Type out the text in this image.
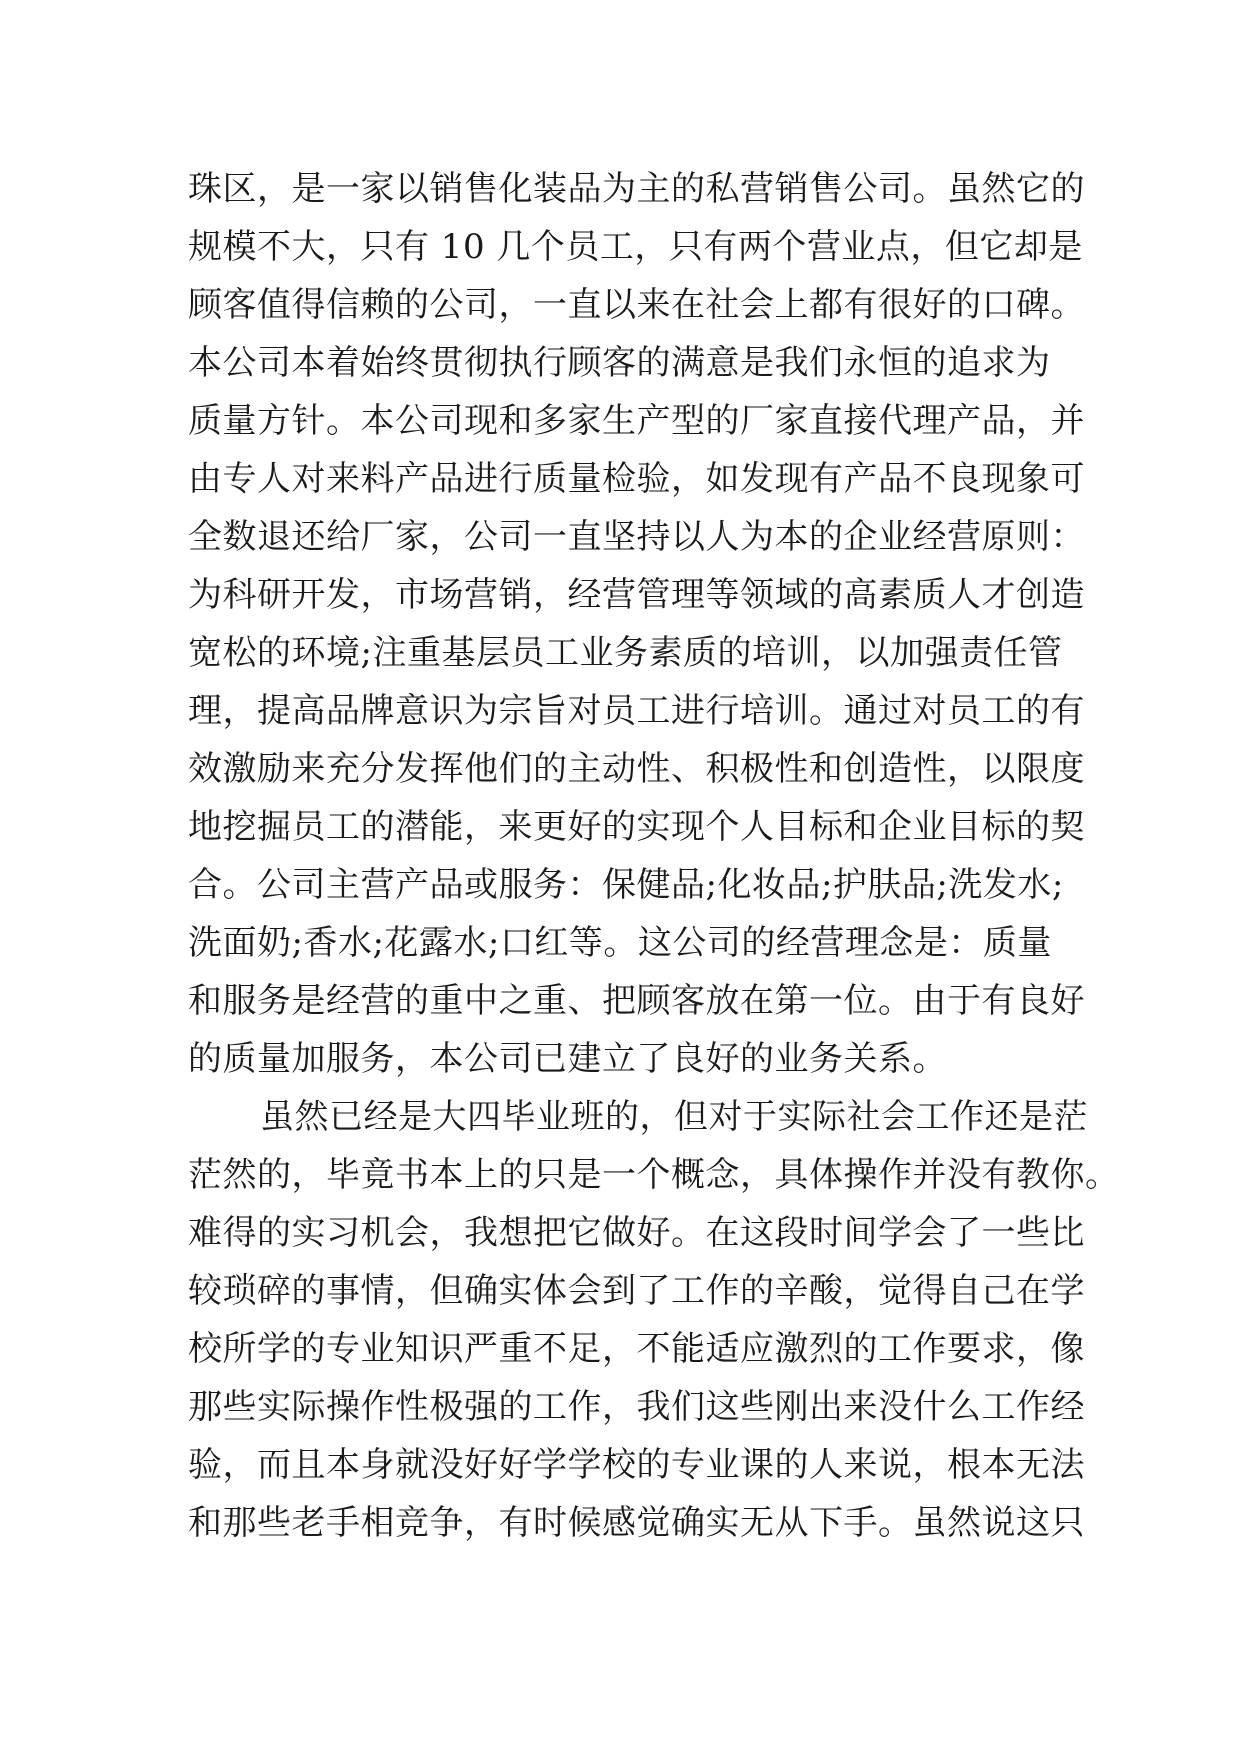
珠区，是一家以销售化装品为主的私营销售公司。虽然它的
规模不大，只有 10 几个员工，只有两个营业点，但它却是
顾客值得信赖的公司，一直以来在社会上都有很好的口碑。
本公司本着始终贯彻执行顾客的满意是我们永恒的追求为
质量方针。本公司现和多家生产型的厂家直接代理产品，并
由专人对来料产品进行质量检验，如发现有产品不良现象可
全数退还给厂家，公司一直坚持以人为本的企业经营原则：
为科研开发，市场营销，经营管理等领域的高素质人才创造
宽松的环境;注重基层员工业务素质的培训，以加强责任管
理，提高品牌意识为宗旨对员工进行培训。通过对员工的有
效激励来充分发挥他们的主动性、积极性和创造性，以限度
地挖掘员工的潜能，来更好的实现个人目标和企业目标的契
合。公司主营产品或服务：保健品;化妆品;护肤品;洗发水;
洗面奶;香水;花露水;口红等。这公司的经营理念是：质量
和服务是经营的重中之重、把顾客放在第一位。由于有良好
的质量加服务，本公司已建立了良好的业务关系。
虽然已经是大四毕业班的，但对于实际社会工作还是茫
茫然的，毕竟书本上的只是一个概念，具体操作并没有教你。
难得的实习机会，我想把它做好。在这段时间学会了一些比
较琐碎的事情，但确实体会到了工作的辛酸，觉得自己在学
校所学的专业知识严重不足，不能适应激烈的工作要求，像
那些实际操作性极强的工作，我们这些刚出来没什么工作经
验，而且本身就没好好学学校的专业课的人来说，根本无法
和那些老手相竞争，有时候感觉确实无从下手。虽然说这只
